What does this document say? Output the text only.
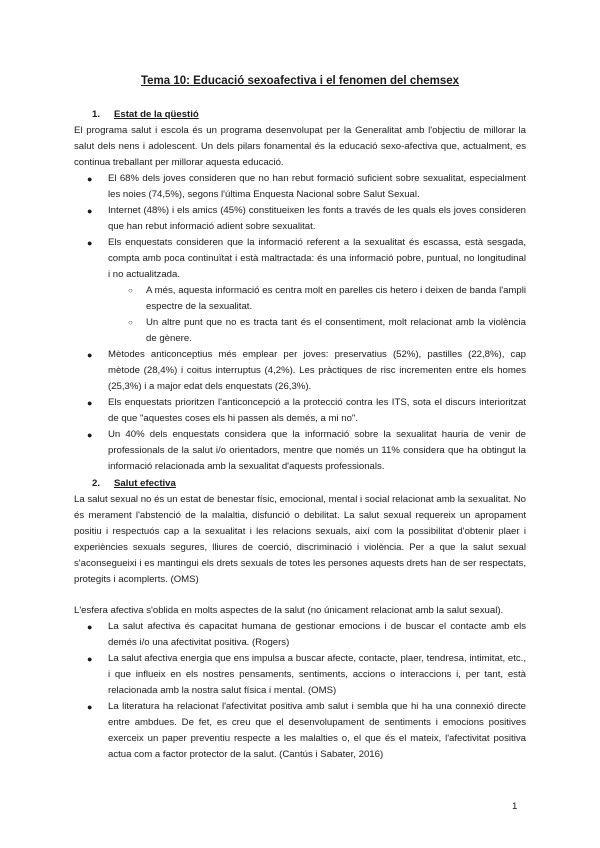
Tema 10: Educació sexoafectiva i el fenomen del chemsex
1. Estat de la qüestió

El programa salut i escola és un programa desenvolupat per la Generalitat amb l'objectiu de millorar la salut dels nens i adolescent. Un dels pilars fonamental és la educació sexo-afectiva que, actualment, es continua treballant per millorar aquesta educació.

● El 68% dels joves consideren que no han rebut formació suficient sobre sexualitat, especialment les noies (74,5%), segons l'última Enquesta Nacional sobre Salut Sexual.
● Internet (48%) i els amics (45%) constitueixen les fonts a través de les quals els joves consideren que han rebut informació adient sobre sexualitat.
● Els enquestats consideren que la informació referent a la sexualitat és escassa, està sesgada, compta amb poca continuïtat i està maltractada: és una informació pobre, puntual, no longitudinal i no actualitzada.
○ A més, aquesta informació es centra molt en parelles cis hetero i deixen de banda l'ampli espectre de la sexualitat.
○ Un altre punt que no es tracta tant és el consentiment, molt relacionat amb la violència de gènere.
● Mètodes anticonceptius més emplear per joves: preservatius (52%), pastilles (22,8%), cap mètode (28,4%) i coitus interruptus (4,2%). Les pràctiques de risc incrementen entre els homes (25,3%) i a major edat dels enquestats (26,3%).
● Els enquestats prioritzen l'anticoncepció a la protecció contra les ITS, sota el discurs interioritzat de que "aquestes coses els hi passen als demés, a mi no".
● Un 40% dels enquestats considera que la informació sobre la sexualitat hauria de venir de professionals de la salut i/o orientadors, mentre que només un 11% considera que ha obtingut la informació relacionada amb la sexualitat d'aquests professionals.
2. Salut efectiva

La salut sexual no és un estat de benestar físic, emocional, mental i social relacionat amb la sexualitat. No és merament l'abstenció de la malaltia, disfunció o debilitat. La salut sexual requereix un apropament positiu i respectuós cap a la sexualitat i les relacions sexuals, així com la possibilitat d'obtenir plaer i experiències sexuals segures, lliures de coerció, discriminació i violència. Per a que la salut sexual s'aconsegueixi i es mantingui els drets sexuals de totes les persones aquests drets han de ser respectats, protegits i acomplerts. (OMS)

L'esfera afectiva s'oblida en molts aspectes de la salut (no únicament relacionat amb la salut sexual).

● La salut afectiva és capacitat humana de gestionar emocions i de buscar el contacte amb els demés i/o una afectivitat positiva. (Rogers)
● La salut afectiva energia que ens impulsa a buscar afecte, contacte, plaer, tendresa, intimitat, etc., i que influeix en els nostres pensaments, sentiments, accions o interaccions i, per tant, està relacionada amb la nostra salut física i mental. (OMS)
● La literatura ha relacionat l'afectivitat positiva amb salut i sembla que hi ha una connexió directe entre ambdues. De fet, es creu que el desenvolupament de sentiments i emocions positives exerceix un paper preventiu respecte a les malalties o, el que és el mateix, l'afectivitat positiva actua com a factor protector de la salut. (Cantús i Sabater, 2016)
1
